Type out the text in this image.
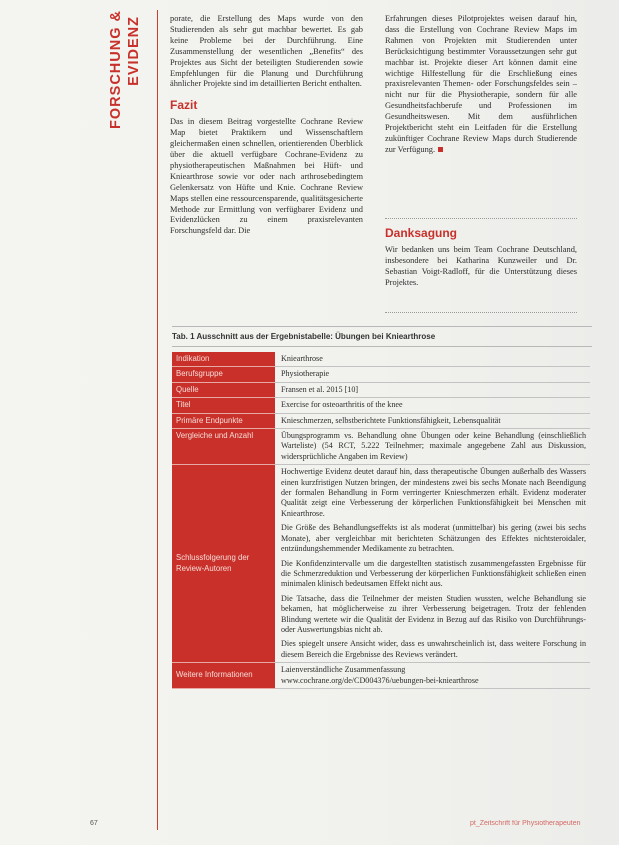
FORSCHUNG & EVIDENZ	porate, die Erstellung des Maps wurde von den Studierenden als sehr gut machbar bewertet. Es gab keine Probleme bei der Durchführung. Eine Zusammenstellung der wesentlichen „Benefits“ des Projektes aus Sicht der beteiligten Studierenden sowie Empfehlungen für die Planung und Durchführung ähnlicher Projekte sind im detaillierten Bericht enthalten.

Fazit

Das in diesem Beitrag vorgestellte Cochrane Review Map bietet Praktikern und Wissenschaftlern gleichermaßen einen schnellen, orientierenden Überblick über die aktuell verfügbare Cochrane-Evidenz zu physiotherapeutischen Maßnahmen bei Hüft- und Kniearthrose sowie vor oder nach arthrosebedingtem Gelenkersatz von Hüfte und Knie. Cochrane Review Maps stellen eine ressourcensparende, qualitätsgesicherte Methode zur Ermittlung von verfügbarer Evidenz und Evidenzlücken zu einem praxisrelevanten Forschungsfeld dar. Die

Erfahrungen dieses Pilotprojektes weisen darauf hin, dass die Erstellung von Cochrane Review Maps im Rahmen von Projekten mit Studierenden unter Berücksichtigung bestimmter Voraussetzungen sehr gut machbar ist. Projekte dieser Art können damit eine wichtige Hilfestellung für die Erschließung eines praxisrelevanten Themen- oder Forschungsfeldes sein – nicht nur für die Physiotherapie, sondern für alle Gesundheitsfachberufe und Professionen im Gesundheitswesen. Mit dem ausführlichen Projektbericht steht ein Leitfaden für die Erstellung zukünftiger Cochrane Review Maps durch Studierende zur Verfügung.

Danksagung

Wir bedanken uns beim Team Cochrane Deutschland, insbesondere bei Katharina Kunzweiler und Dr. Sebastian Voigt-Radloff, für die Unterstützung dieses Projektes.

Tab. 1 Ausschnitt aus der Ergebnistabelle: Übungen bei Kniearthrose
Indikation	Kniearthrose
Berufsgruppe	Physiotherapie
Quelle	Fransen et al. 2015 [10]
Titel	Exercise for osteoarthritis of the knee
Primäre Endpunkte	Knieschmerzen, selbstberichtete Funktionsfähigkeit, Lebensqualität
Vergleiche und Anzahl	Übungsprogramm vs. Behandlung ohne Übungen oder keine Behandlung (einschließlich Warteliste) (54 RCT, 5.222 Teilnehmer; maximale angegebene Zahl aus Diskussion, widersprüchliche Angaben im Review)
Schlussfolgerung der Review-Autoren	Hochwertige Evidenz deutet darauf hin, dass therapeutische Übungen außerhalb des Wassers einen kurzfristigen Nutzen bringen, der mindestens zwei bis sechs Monate nach Beendigung der formalen Behandlung in Form verringerter Knieschmerzen erhält. Evidenz moderater Qualität zeigt eine Verbesserung der körperlichen Funktionsfähigkeit bei Menschen mit Kniearthrose.

Die Größe des Behandlungseffekts ist als moderat (unmittelbar) bis gering (zwei bis sechs Monate), aber vergleichbar mit berichteten Schätzungen des Effektes nichtsteroidaler, entzündungshemmender Medikamente zu betrachten.

Die Konfidenzintervalle um die dargestellten statistisch zusammengefassten Ergebnisse für die Schmerzreduktion und Verbesserung der körperlichen Funktionsfähigkeit schließen einen minimalen klinisch bedeutsamen Effekt nicht aus.

Die Tatsache, dass die Teilnehmer der meisten Studien wussten, welche Behandlung sie bekamen, hat möglicherweise zu ihrer Verbesserung beigetragen. Trotz der fehlenden Blindung wertete wir die Qualität der Evidenz in Bezug auf das Risiko von Durchführungs- oder Auswertungsbias nicht ab.

Dies spiegelt unsere Ansicht wider, dass es unwahrscheinlich ist, dass weitere Forschung in diesem Bereich die Ergebnisse des Reviews verändert.

Weitere Informationen	Laienverständliche Zusammenfassung
www.cochrane.org/de/CD004376/uebungen-bei-kniearthrose
67	pt_Zeitschrift für Physiotherapeuten
